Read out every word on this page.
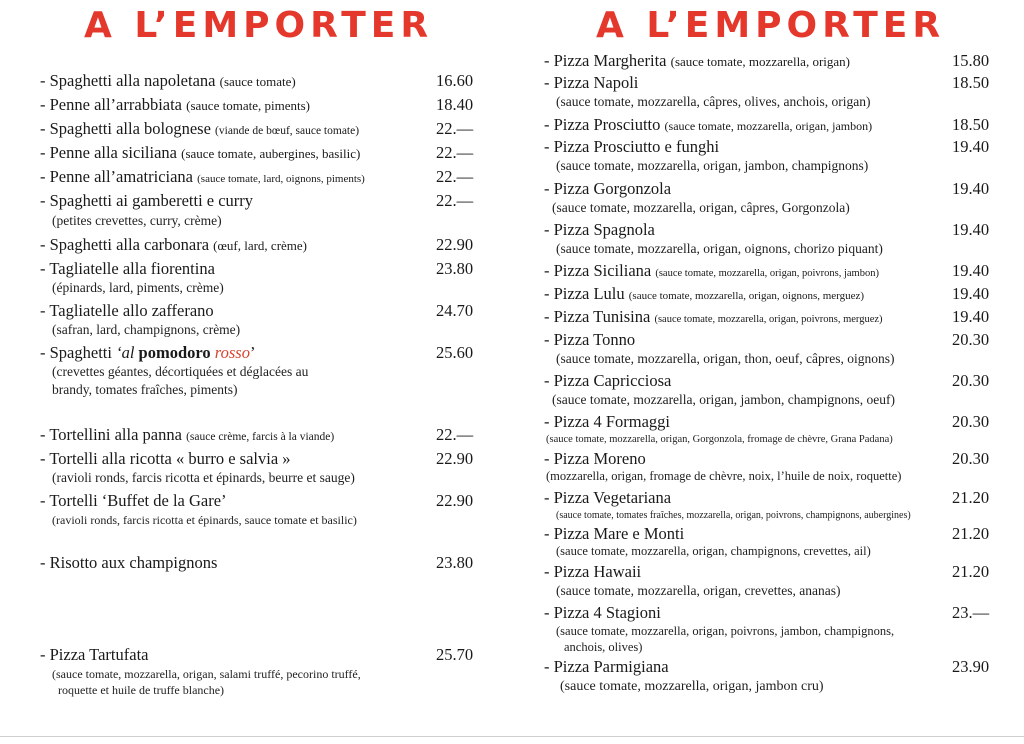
A L’EMPORTER
- Spaghetti alla napoletana (sauce tomate)	16.60
- Penne all’arrabbiata (sauce tomate, piments)	18.40
- Spaghetti alla bolognese (viande de bœuf, sauce tomate)	22.—
- Penne alla siciliana (sauce tomate, aubergines, basilic)	22.—
- Penne all’amatriciana (sauce tomate, lard, oignons, piments)	22.—
- Spaghetti ai gamberetti e curry	22.—
(petites crevettes, curry, crème)
- Spaghetti alla carbonara (œuf, lard, crème)	22.90
- Tagliatelle alla fiorentina	23.80
(épinards, lard, piments, crème)
- Tagliatelle allo zafferano	24.70
(safran, lard, champignons, crème)
- Spaghetti ‘al pomodoro rosso’	25.60
(crevettes géantes, décortiquées et déglacées au
brandy, tomates fraîches, piments)
- Tortellini alla panna (sauce crème, farcis à la viande)	22.—
- Tortelli alla ricotta « burro e salvia »	22.90
(ravioli ronds, farcis ricotta et épinards, beurre et sauge)
- Tortelli ‘Buffet de la Gare’	22.90
(ravioli ronds, farcis ricotta et épinards, sauce tomate et basilic)
- Risotto aux champignons	23.80
- Pizza Tartufata	25.70
(sauce tomate, mozzarella, origan, salami truffé, pecorino truffé,
roquette et huile de truffe blanche)
A L’EMPORTER
- Pizza Margherita (sauce tomate, mozzarella, origan)	15.80
- Pizza Napoli	18.50
(sauce tomate, mozzarella, câpres, olives, anchois, origan)
- Pizza Prosciutto (sauce tomate, mozzarella, origan, jambon)	18.50
- Pizza Prosciutto e funghi	19.40
(sauce tomate, mozzarella, origan, jambon, champignons)
- Pizza Gorgonzola	19.40
(sauce tomate, mozzarella, origan, câpres, Gorgonzola)
- Pizza Spagnola	19.40
(sauce tomate, mozzarella, origan, oignons, chorizo piquant)
- Pizza Siciliana (sauce tomate, mozzarella, origan, poivrons, jambon)	19.40
- Pizza Lulu (sauce tomate, mozzarella, origan, oignons, merguez)	19.40
- Pizza Tunisina (sauce tomate, mozzarella, origan, poivrons, merguez)	19.40
- Pizza Tonno	20.30
(sauce tomate, mozzarella, origan, thon, oeuf, câpres, oignons)
- Pizza Capricciosa	20.30
(sauce tomate, mozzarella, origan, jambon, champignons, oeuf)
- Pizza 4 Formaggi	20.30
(sauce tomate, mozzarella, origan, Gorgonzola, fromage de chèvre, Grana Padana)
- Pizza Moreno	20.30
(mozzarella, origan, fromage de chèvre, noix, l’huile de noix, roquette)
- Pizza Vegetariana	21.20
(sauce tomate, tomates fraîches, mozzarella, origan, poivrons, champignons, aubergines)
- Pizza Mare e Monti	21.20
(sauce tomate, mozzarella, origan, champignons, crevettes, ail)
- Pizza Hawaii	21.20
(sauce tomate, mozzarella, origan, crevettes, ananas)
- Pizza 4 Stagioni	23.—
(sauce tomate, mozzarella, origan, poivrons, jambon, champignons,
anchois, olives)
- Pizza Parmigiana	23.90
(sauce tomate, mozzarella, origan, jambon cru)
